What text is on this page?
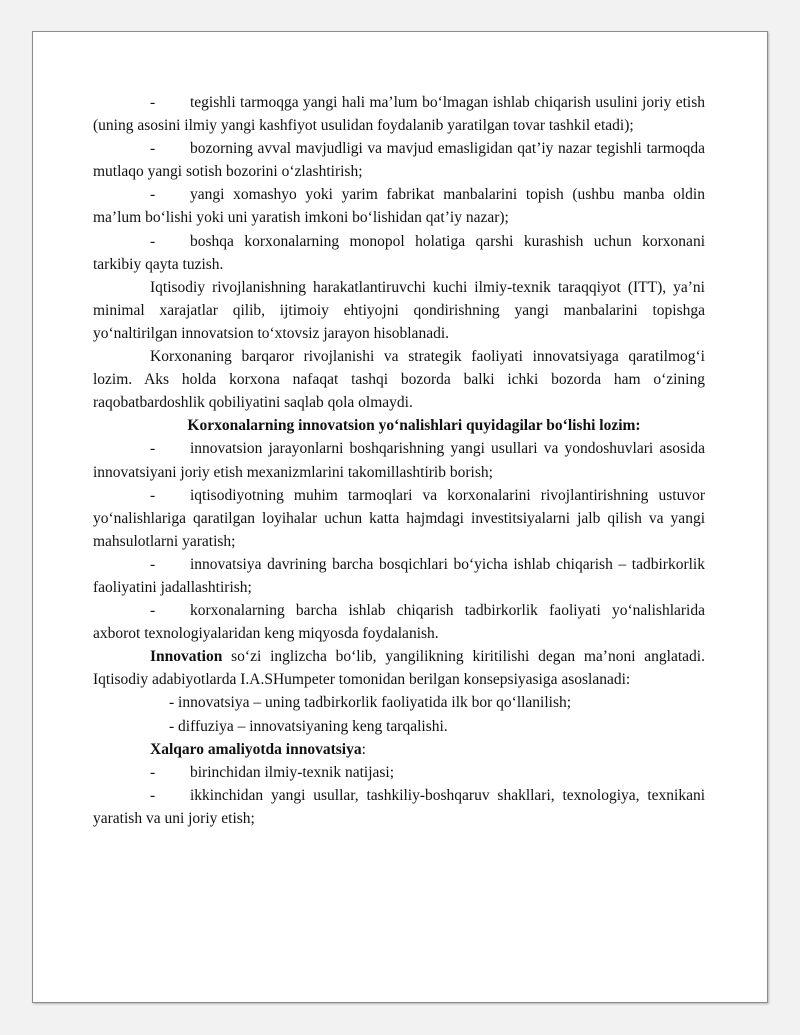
- tegishli tarmoqga yangi hali ma’lum bo‘lmagan ishlab chiqarish usulini joriy etish (uning asosini ilmiy yangi kashfiyot usulidan foydalanib yaratilgan tovar tashkil etadi);

- bozorning avval mavjudligi va mavjud emasligidan qat’iy nazar tegishli tarmoqda mutlaqo yangi sotish bozorini o‘zlashtirish;

- yangi xomashyo yoki yarim fabrikat manbalarini topish (ushbu manba oldin ma’lum bo‘lishi yoki uni yaratish imkoni bo‘lishidan qat’iy nazar);

- boshqa korxonalarning monopol holatiga qarshi kurashish uchun korxonani tarkibiy qayta tuzish.

Iqtisodiy rivojlanishning harakatlantiruvchi kuchi ilmiy-texnik taraqqiyot (ITT), ya’ni minimal xarajatlar qilib, ijtimoiy ehtiyojni qondirishning yangi manbalarini topishga yo‘naltirilgan innovatsion to‘xtovsiz jarayon hisoblanadi.

Korxonaning barqaror rivojlanishi va strategik faoliyati innovatsiyaga qaratilmog‘i lozim. Aks holda korxona nafaqat tashqi bozorda balki ichki bozorda ham o‘zining raqobatbardoshlik qobiliyatini saqlab qola olmaydi.

Korxonalarning innovatsion yo‘nalishlari quyidagilar bo‘lishi lozim:

- innovatsion jarayonlarni boshqarishning yangi usullari va yondoshuvlari asosida innovatsiyani joriy etish mexanizmlarini takomillashtirib borish;

- iqtisodiyotning muhim tarmoqlari va korxonalarini rivojlantirishning ustuvor yo‘nalishlariga qaratilgan loyihalar uchun katta hajmdagi investitsiyalarni jalb qilish va yangi mahsulotlarni yaratish;

- innovatsiya davrining barcha bosqichlari bo‘yicha ishlab chiqarish – tadbirkorlik faoliyatini jadallashtirish;

- korxonalarning barcha ishlab chiqarish tadbirkorlik faoliyati yo‘nalishlarida axborot texnologiyalaridan keng miqyosda foydalanish.

Innovation so‘zi inglizcha bo‘lib, yangilikning kiritilishi degan ma’noni anglatadi. Iqtisodiy adabiyotlarda I.A.SHumpeter tomonidan berilgan konsepsiyasiga asoslanadi:

- innovatsiya – uning tadbirkorlik faoliyatida ilk bor qo‘llanilish;

- diffuziya – innovatsiyaning keng tarqalishi.

Xalqaro amaliyotda innovatsiya:

- birinchidan ilmiy-texnik natijasi;

- ikkinchidan yangi usullar, tashkiliy-boshqaruv shakllari, texnologiya, texnikani yaratish va uni joriy etish;
